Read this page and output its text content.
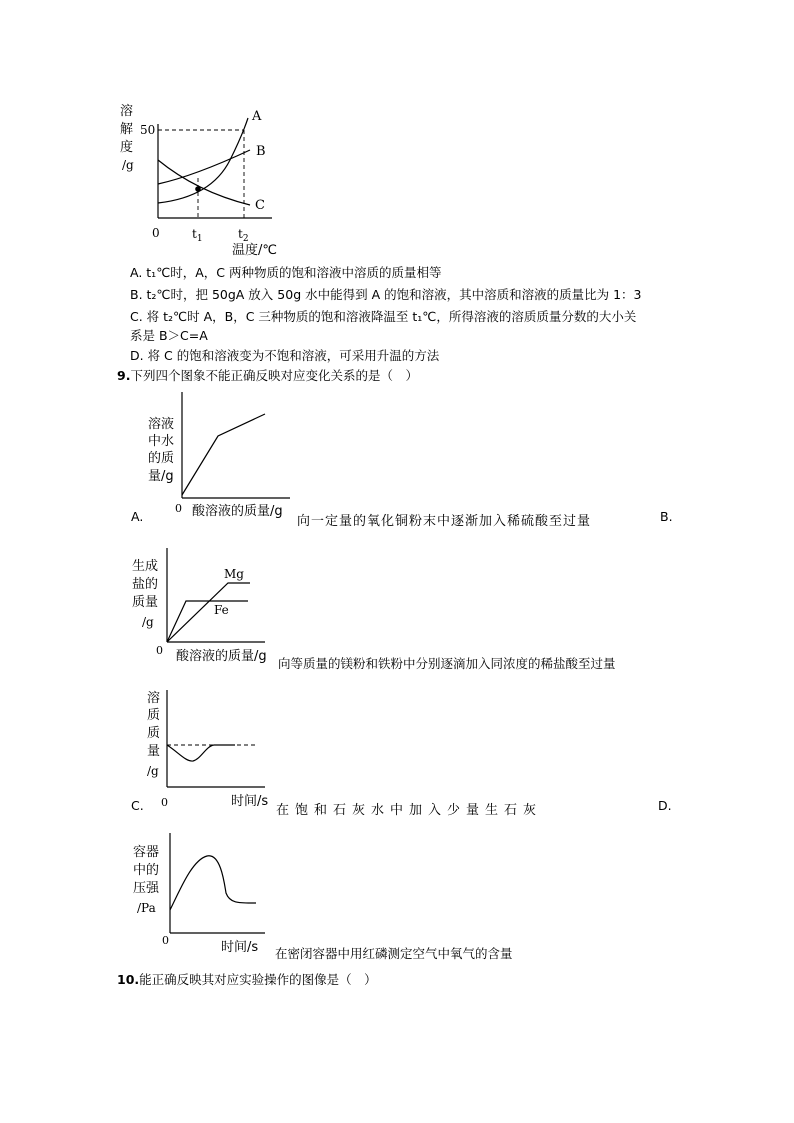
溶
解
度
/g
50
0	$t_1$	$t_2$
温度/℃
A
B
C
A. t₁℃时，A，C 两种物质的饱和溶液中溶质的质量相等
B. t₂℃时，把 50gA 放入 50g 水中能得到 A 的饱和溶液，其中溶质和溶液的质量比为 1：3
C. 将 t₂℃时 A，B，C 三种物质的饱和溶液降温至 t₁℃，所得溶液的溶质质量分数的大小关
系是 B＞C=A
D. 将 C 的饱和溶液变为不饱和溶液，可采用升温的方法
9.下列四个图象不能正确反映对应变化关系的是（　）
溶液
中水
的质
量/g
0 酸溶液的质量/g
A.	向一定量的氧化铜粉末中逐渐加入稀硫酸至过量	B.
生成
盐的
质量
/g
0 酸溶液的质量/g
Mg
Fe
向等质量的镁粉和铁粉中分别逐滴加入同浓度的稀盐酸至过量
溶
质
质
量
/g
0	时间/s
C.	在饱和石灰水中加入少量生石灰	D.
容器
中的
压强
/Pa
0	时间/s 在密闭容器中用红磷测定空气中氧气的含量
10.能正确反映其对应实验操作的图像是（　）
